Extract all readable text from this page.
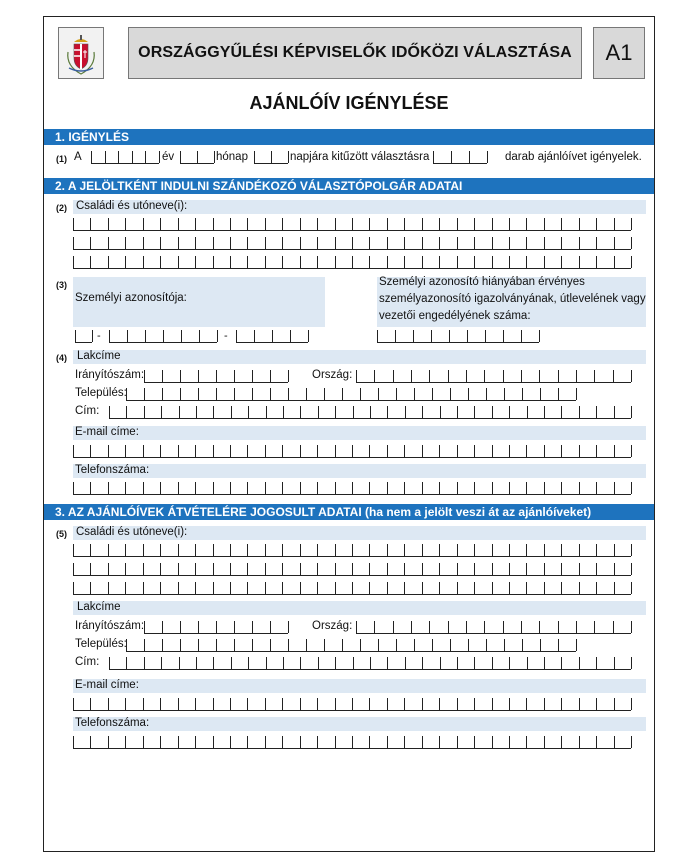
ORSZÁGGYŰLÉSI KÉPVISELŐK IDŐKÖZI VÁLASZTÁSA	A1
AJÁNLÓÍV IGÉNYLÉSE
1. IGÉNYLÉS
(1) A	év	hónap	napjára kitűzött választásra	darab ajánlóívet igényelek.
2. A JELÖLTKÉNT INDULNI SZÁNDÉKOZÓ VÁLASZTÓPOLGÁR ADATAI
(2) Családi és utóneve(i):
(3)
Személyi azonosítója:
Személyi azonosító hiányában érvényes
személyazonosító igazolványának, útlevelének vagy
vezetői engedélyének száma:
-	-
(4) Lakcíme
Irányítószám:	Ország:
Település:
Cím:
E-mail címe:
Telefonszáma:
3. AZ AJÁNLÓÍVEK ÁTVÉTELÉRE JOGOSULT ADATAI (ha nem a jelölt veszi át az ajánlóíveket)
(5) Családi és utóneve(i):
Lakcíme
Irányítószám:	Ország:
Település:
Cím:
E-mail címe:
Telefonszáma:
